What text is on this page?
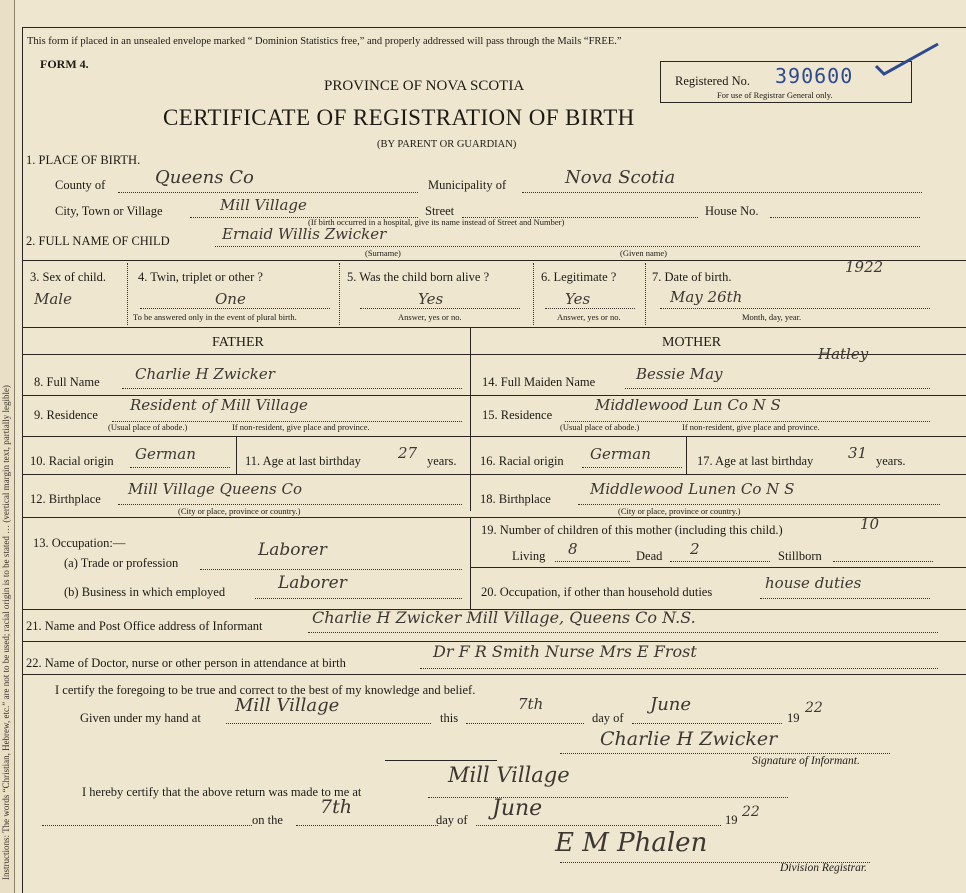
Instructions: The words “Christian, Hebrew, etc.” are not to be used; racial origin is to be stated … (vertical margin text, partially legible)
This form if placed in an unsealed envelope marked “ Dominion Statistics free,” and properly addressed will pass through the Mails “FREE.”
FORM 4.
PROVINCE OF NOVA SCOTIA
CERTIFICATE OF REGISTRATION OF BIRTH
(BY PARENT OR GUARDIAN)
Registered No. 390600
For use of Registrar General only.
1. PLACE OF BIRTH.
County of	Queens Co	Municipality of	Nova Scotia
City, Town or Village	Mill Village	Street	House No.
(If birth occurred in a hospital, give its name instead of Street and Number)
2. FULL NAME OF CHILD	Ernaid Willis Zwicker
(Surname)	(Given name)
3. Sex of child.
Male
4. Twin, triplet or other ?
One
To be answered only in the event of plural birth.
5. Was the child born alive ?
Yes
Answer, yes or no.
6. Legitimate ?
Yes
Answer, yes or no.
7. Date of birth.
1922
May 26th
Month, day, year.
FATHER	MOTHER
8. Full Name Charlie H Zwicker
9. Residence
Resident of Mill Village
(Usual place of abode.)	If non-resident, give place and province.
10. Racial origin German	11. Age at last birthday 27 years.
12. Birthplace
Mill Village Queens Co
(City or place, province or country.)
14. Full Maiden Name	Bessie May
Hatley
15. Residence
Middlewood Lun Co N S
(Usual place of abode.)	If non-resident, give place and province.
16. Racial origin German	17. Age at last birthday 31 years.
18. Birthplace
Middlewood Lunen Co N S
(City or place, province or country.)
13. Occupation:—
(a) Trade or profession
Laborer
(b) Business in which employed	Laborer
19. Number of children of this mother (including this child.)	10
Living 8	Dead 2	Stillborn
20. Occupation, if other than household duties	house duties
21. Name and Post Office address of Informant	Charlie H Zwicker Mill Village, Queens Co N.S.
22. Name of Doctor, nurse or other person in attendance at birth
Dr F R Smith Nurse Mrs E Frost
I certify the foregoing to be true and correct to the best of my knowledge and belief.
Given under my hand at
Mill Village
this
7th
day of
June
19
22
Charlie H Zwicker
Signature of Informant.
I hereby certify that the above return was made to me at
Mill Village
on the
7th
day of June	19 22
E M Phalen
Division Registrar.
